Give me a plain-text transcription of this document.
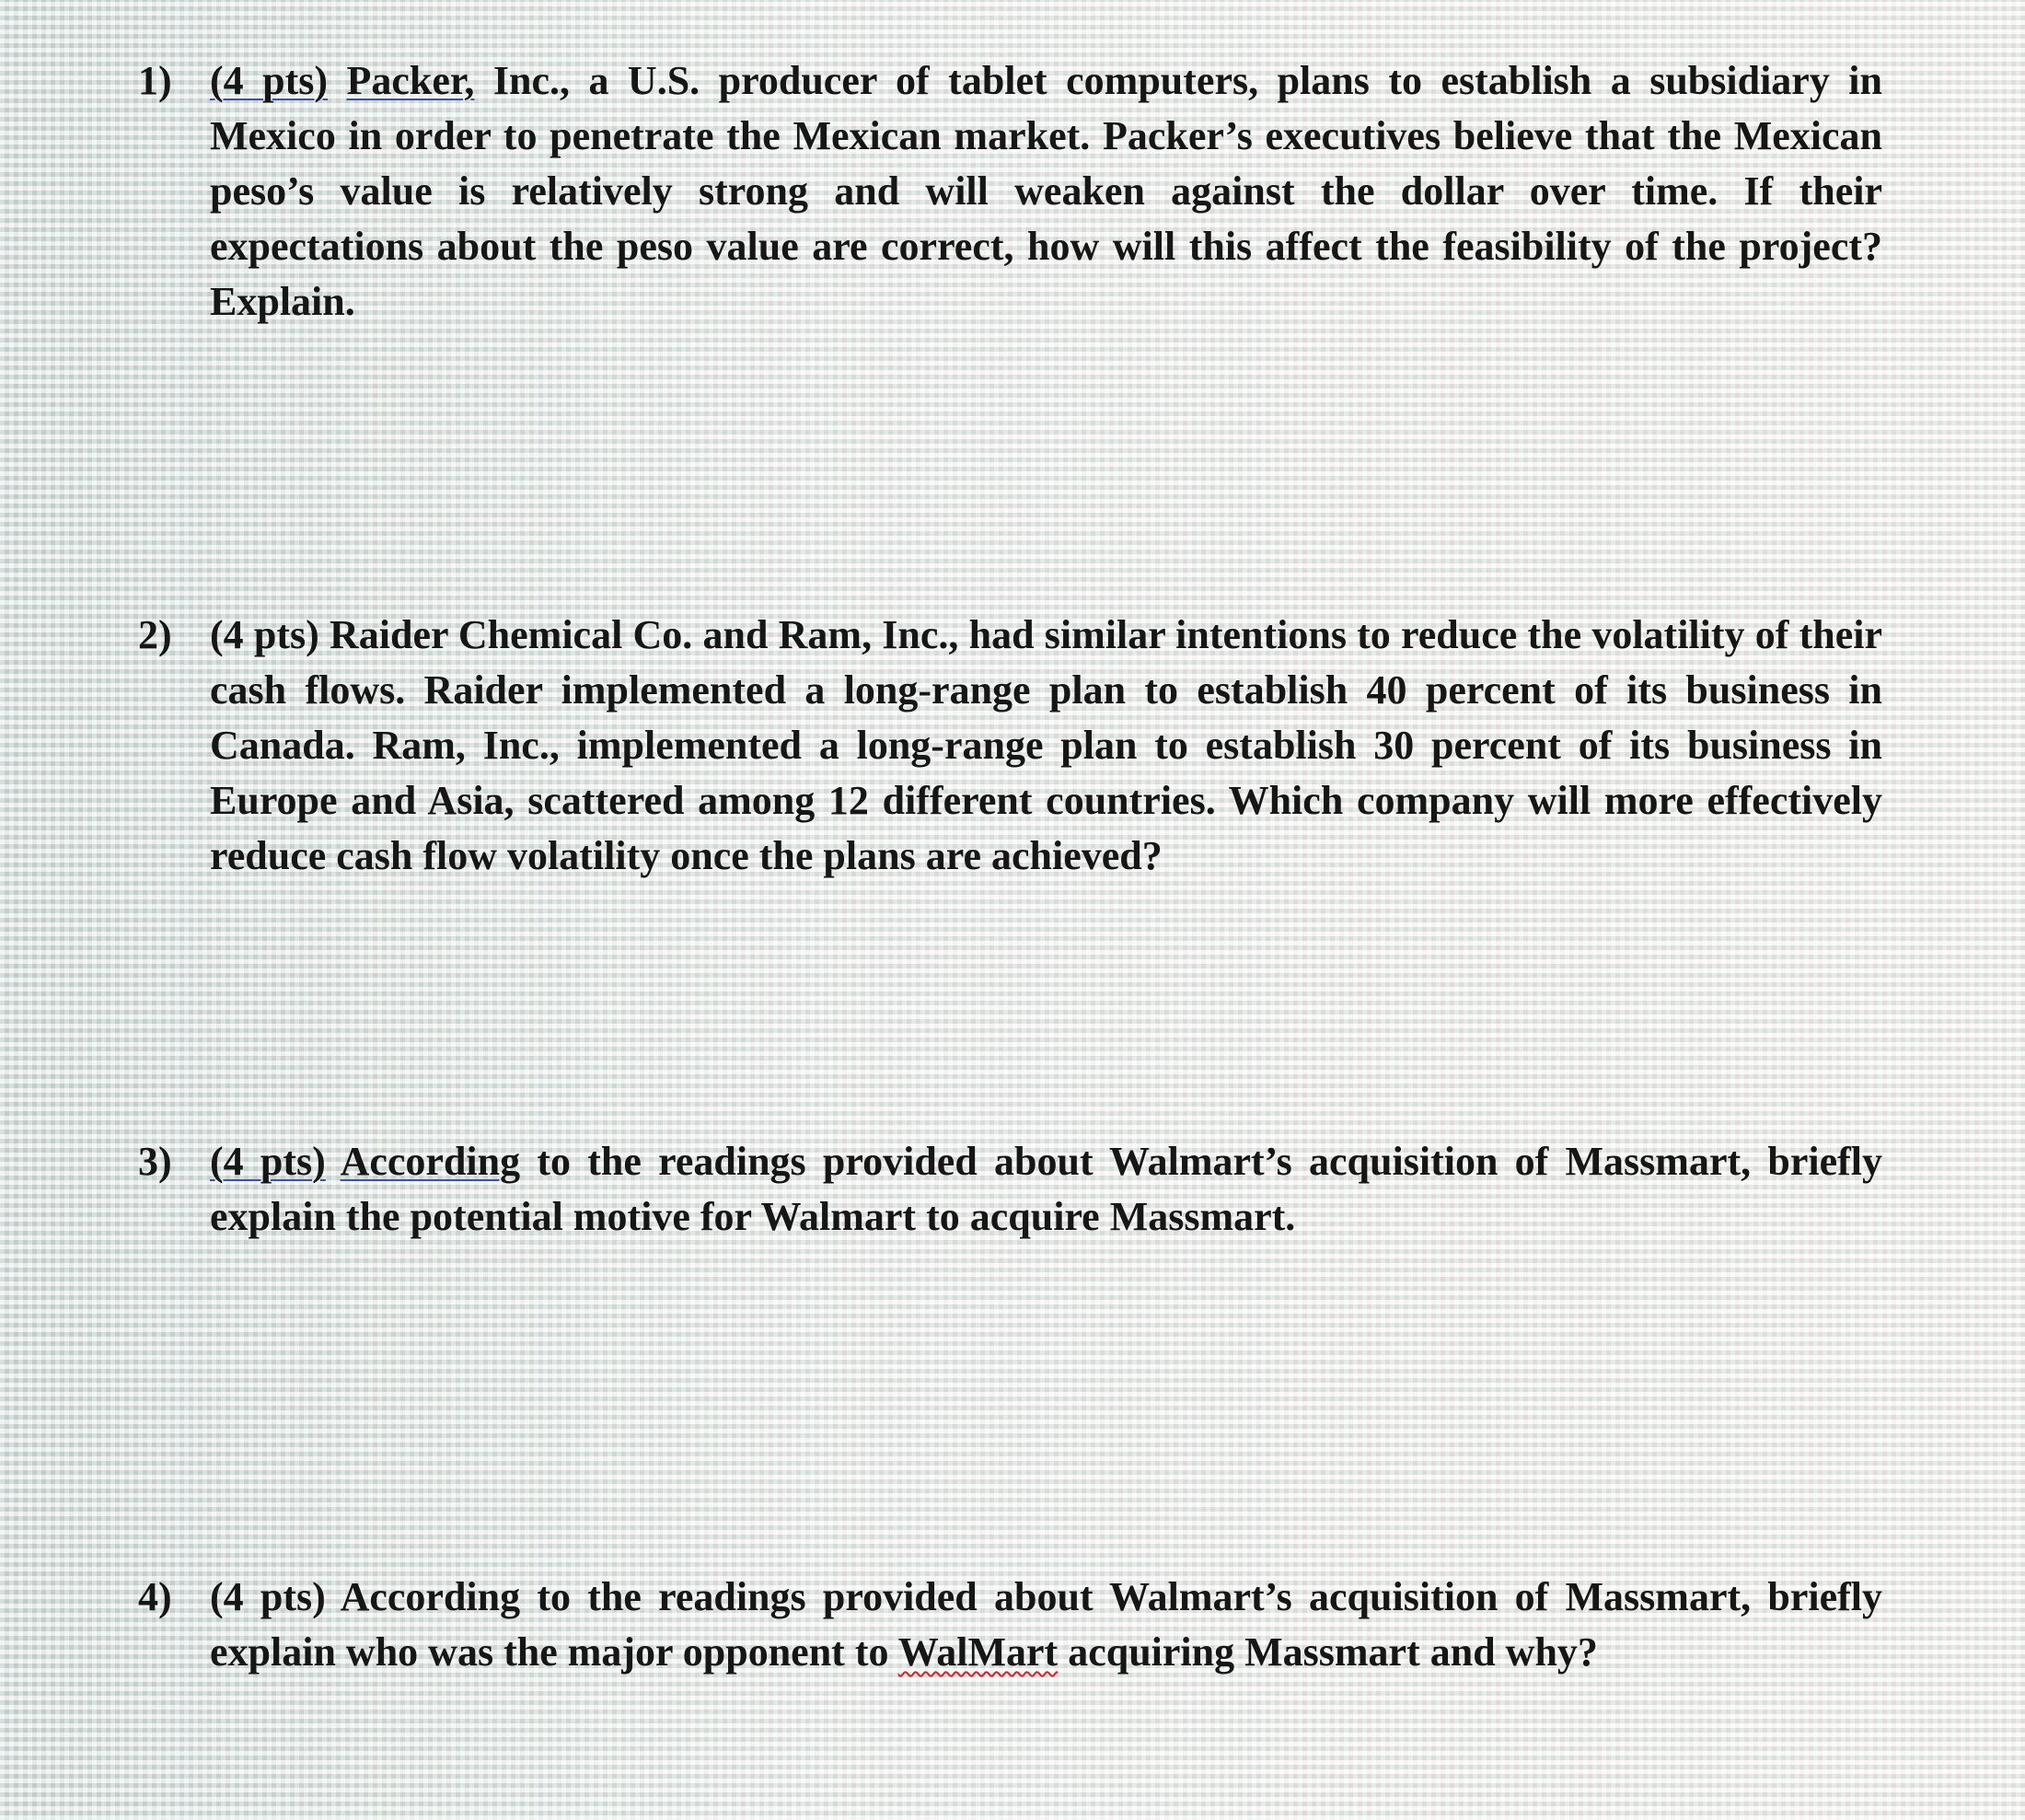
1) (4 pts) Packer, Inc., a U.S. producer of tablet computers, plans to establish a subsidiary in Mexico in order to penetrate the Mexican market. Packer’s executives believe that the Mexican peso’s value is relatively strong and will weaken against the dollar over time. If their expectations about the peso value are correct, how will this affect the feasibility of the project? Explain.
2) (4 pts) Raider Chemical Co. and Ram, Inc., had similar intentions to reduce the volatility of their cash flows. Raider implemented a long-range plan to establish 40 percent of its business in Canada. Ram, Inc., implemented a long-range plan to establish 30 percent of its business in Europe and Asia, scattered among 12 different countries. Which company will more effectively reduce cash flow volatility once the plans are achieved?
3) (4 pts) According to the readings provided about Walmart’s acquisition of Massmart, briefly explain the potential motive for Walmart to acquire Massmart.
4) (4 pts) According to the readings provided about Walmart’s acquisition of Massmart, briefly explain who was the major opponent to WalMart acquiring Massmart and why?
